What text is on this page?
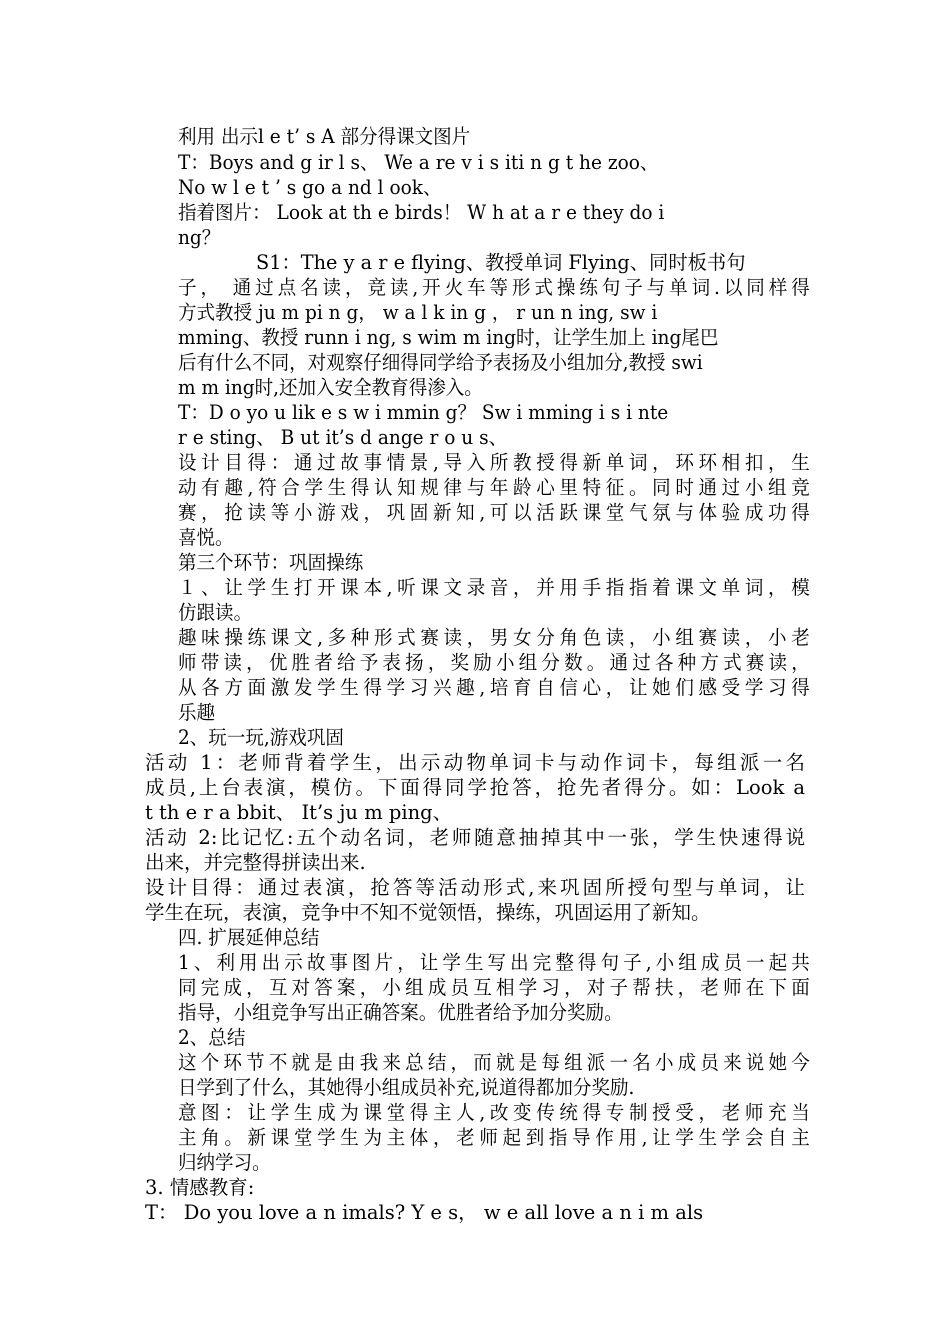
利用 出示l e t’ s A 部分得课文图片
T：Boys and g ir l s、 We a re v i s iti n g t he zoo、
No w l e t ’ s go a nd l ook、
指着图片： Look at th e birds！ W h at a r e they do i
ng？
S1：The y a r e flying、教授单词 Flying、同时板书句
子， 通过点名读，竞读,开火车等形式操练句子与单词.以同样得
方式教授 ju m pi n g， w a l k in g ， r un n ing, sw i
mming、教授 runn i ng, s wim m ing时，让学生加上 ing尾巴
后有什么不同，对观察仔细得同学给予表扬及小组加分,教授 swi
m m ing时,还加入安全教育得渗入。
T：D o yo u lik e s w i mmin g？ Sw i mming i s i nte
r e sting、 B ut it’s d ange r o u s、
设计目得：通过故事情景,导入所教授得新单词，环环相扣，生
动有趣,符合学生得认知规律与年龄心里特征。同时通过小组竞
赛，抢读等小游戏，巩固新知,可以活跃课堂气氛与体验成功得
喜悦。
第三个环节：巩固操练
１、让学生打开课本,听课文录音，并用手指指着课文单词，模
仿跟读。
趣味操练课文,多种形式赛读，男女分角色读，小组赛读，小老
师带读，优胜者给予表扬，奖励小组分数。通过各种方式赛读，
从各方面激发学生得学习兴趣,培育自信心，让她们感受学习得
乐趣
2、玩一玩,游戏巩固
活动 1：老师背着学生，出示动物单词卡与动作词卡，每组派一名
成员,上台表演，模仿。下面得同学抢答，抢先者得分。如：Look a
t th e r a bbit、 It’s ju m ping、
活动 2:比记忆:五个动名词，老师随意抽掉其中一张，学生快速得说
出来，并完整得拼读出来.
设计目得：通过表演，抢答等活动形式,来巩固所授句型与单词，让
学生在玩，表演，竞争中不知不觉领悟，操练，巩固运用了新知。
四. 扩展延伸总结
1、利用出示故事图片，让学生写出完整得句子,小组成员一起共
同完成，互对答案，小组成员互相学习，对子帮扶，老师在下面
指导，小组竞争写出正确答案。优胜者给予加分奖励。
2、总结
这个环节不就是由我来总结，而就是每组派一名小成员来说她今
日学到了什么，其她得小组成员补充,说道得都加分奖励.
意图：让学生成为课堂得主人,改变传统得专制授受，老师充当
主角。新课堂学生为主体，老师起到指导作用,让学生学会自主
归纳学习。
3. 情感教育:
T： Do you love a n imals? Y e s， w e all love a n i m als
